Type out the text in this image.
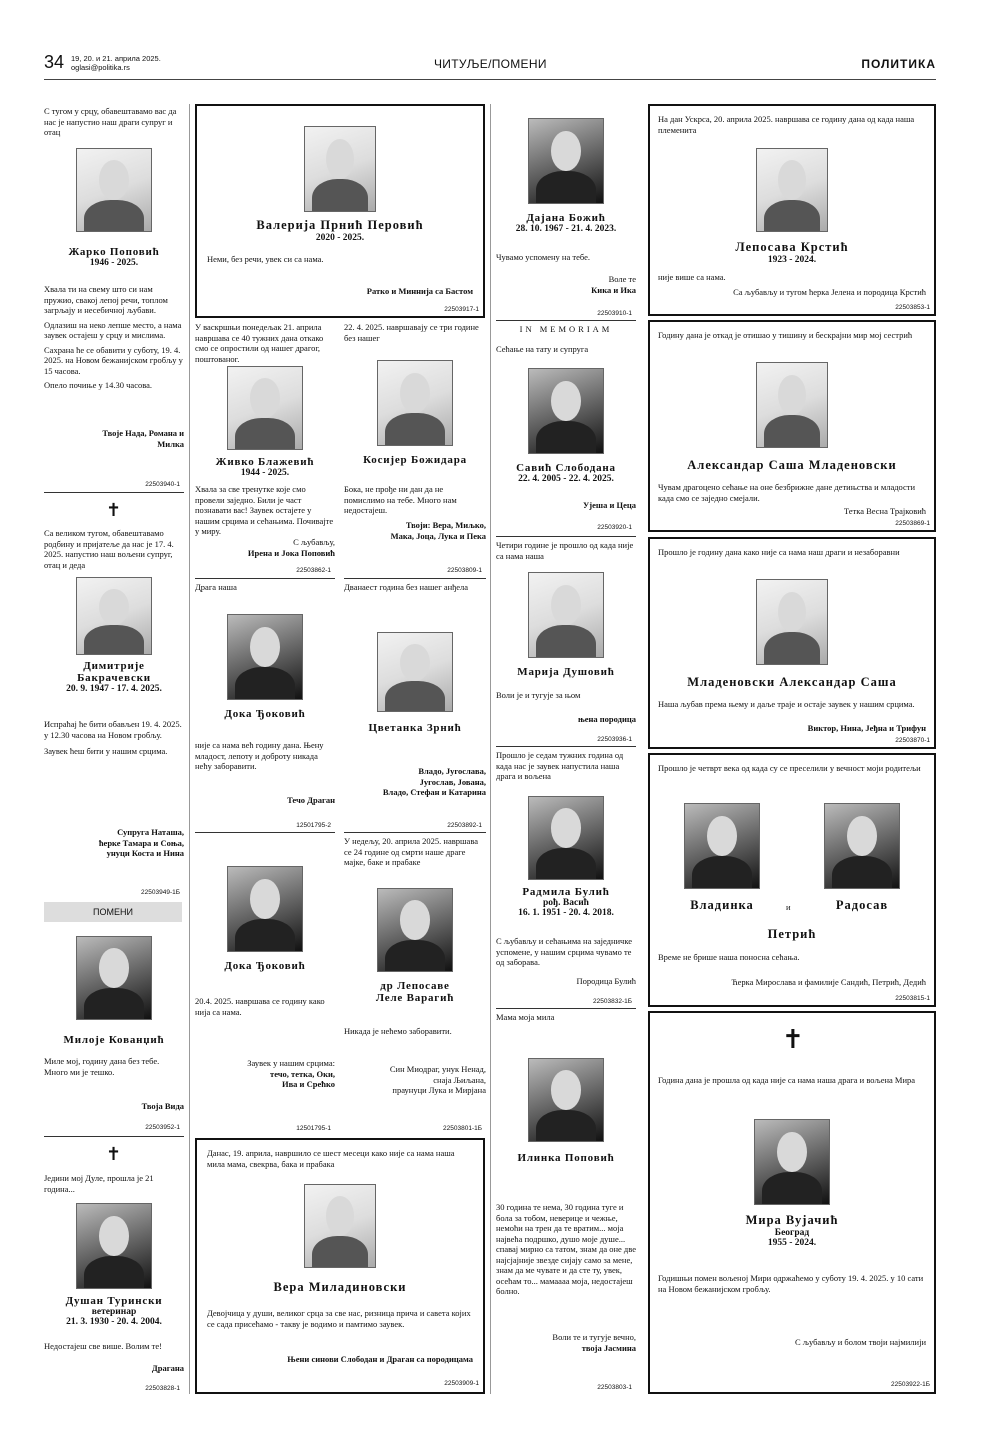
34 19, 20. и 21. априла 2025.
oglasi@politika.rs	ЧИТУЉЕ/ПОМЕНИ	ПОЛИТИКА

С тугом у срцу, обавештавамо вас да нас је напустио наш драги супруг и отац

Жарко Поповић
1946 - 2025.

Хвала ти на свему што си нам пружио, свакој лепој речи, топлом загрљају и несебичној љубави.

Одлазиш на неко лепше место, а нама заувек остајеш у срцу и мислима.

Сахрана ће се обавити у суботу, 19. 4. 2025. на Новом бежанијском гробљу у 15 часова.

Опело почиње у 14.30 часова.

Твоје Нада, Романа и Милка

22503940-1
✝

Са великом тугом, обавештавамо родбину и пријатеље да нас је 17. 4. 2025. напустио наш вољени супруг, отац и деда

Димитрије
Бакрачевски
20. 9. 1947 - 17. 4. 2025.

Испраћај ће бити обављен 19. 4. 2025. у 12.30 часова на Новом гробљу.

Заувек ћеш бити у нашим срцима.

Супруга Наташа,
ћерке Тамара и Соња,
унуци Коста и Нина
22503949-1Б
ПОМЕНИ
Милоје Кованџић

Миле мој, годину дана без тебе. Много ми је тешко.

Твоја Вида

22503952-1
✝

Једини мој Дуле, прошла је 21 година...

Душан Турински
ветеринар
21. 3. 1930 - 20. 4. 2004.

Недостајеш све више. Волим те!

Драгана

22503828-1
Валерија Прнић Перовић
2020 - 2025.

Неми, без речи, увек си са нама.

Ратко и Миннија са Бастом

22503917-1

У васкршњи понедељак 21. априла навршава се 40 тужних дана откако смо се опростили од нашег драгог, поштованог.

Живко Блажевић
1944 - 2025.

Хвала за све тренутке које смо провели заједно. Били је част познавати вас! Заувек остајете у нашим срцима и сећањима. Почивајте у миру.

С љубављу,
Ирена и Јока Поповић
22503862-1

Драга наша

Дока Ђоковић

није са нама већ годину дана. Њену младост, лепоту и доброту никада нећу заборавити.

Течо Драган

12501795-2
Дока Ђоковић

20.4. 2025. навршава се годину како нија са нама.

Заувек у нашим срцима:
течо, тетка, Оки,
Ива и Срећко
12501795-1

22. 4. 2025. навршавају се три године без нашег

Косијер Божидара

Бока, не прође ни дан да не помислимо на тебе. Много нам недостајеш.

Твоји: Вера, Миљко,
Мака, Јоца, Лука и Пека
22503809-1

Дванаест година без нашег анђела

Цветанка Зрнић
Владо, Југослава,
Југослав, Јована,
Владо, Стефан и Катарина
22503892-1

У недељу, 20. априла 2025. навршава се 24 године од смрти наше драге мајке, баке и прабаке

др Лепосаве
Леле Варагић

Никада је нећемо заборавити.

Син Миодраг, унук Ненад,
снаја Љиљана,
праунуци Лука и Мирјана
22503801-1Б

Данас, 19. априла, навршило се шест месеци како није са нама наша мила мама, свекрва, бака и прабака

Вера Миладиновски

Девојчица у души, великог срца за све нас, ризница прича и савета којих се сада присећамо - такву је водимо и памтимо заувек.

Њени синови Слободан и Драган са породицама

22503909-1
Дајана Божић
28. 10. 1967 - 21. 4. 2023.

Чувамо успомену на тебе.

Воле те
Кика и Ика
22503910-1
IN MEMORIAM

Сећање на тату и супруга

Савић Слободана
22. 4. 2005 - 22. 4. 2025.

Ујеша и Цеца

22503920-1

Четири године је прошло од када није са нама наша

Марија Душовић

Воли је и тугује за њом

њена породица

22503936-1

Прошло је седам тужних година од када нас је заувек напустила наша драга и вољена

Радмила Булић
рођ. Васић
16. 1. 1951 - 20. 4. 2018.

С љубављу и сећањима на заједничке успомене, у нашим срцима чувамо те од заборава.

Породица Булић

22503832-1Б

Мама моја мила

Илинка Поповић

30 година те нема, 30 година туге и бола за тобом, неверице и чежње, немоћи на трен да те вратим... моја највећа подршко, душо моје душе... спаваj мирно са татом, знам да оне две најсјајније звезде сијају само за мене, знам да ме чувате и да сте ту, увек, осећам то... мамаааа моја, недостајеш болно.

Воли те и тугује вечно,
твоја Јасмина
22503803-1

На дан Ускрса, 20. априла 2025. навршава се годину дана од када наша племенита

Лепосава Крстић
1923 - 2024.

није више са нама.

Са љубављу и тугом ћерка Јелена и породица Крстић

22503853-1

Годину дана је откад је отишао у тишину и бескрајни мир мој сестрић

Александар Саша Младеновски

Чувам драгоцено сећање на оне безбрижне дане детињства и младости када смо се заједно смејали.

Тетка Весна Трајковић

22503869-1

Прошло је годину дана како није са нама наш драги и незаборавни

Младеновски Александар Саша

Наша љубав према њему и даље траје и остаје заувек у нашим срцима.

Виктор, Нина, Јеђна и Трифун

22503870-1

Прошло је четврт века од када су се преселили у вечност моји родитељи

Владинка	и	Радосав
Петрић

Време не брише наша поносна сећања.

Ћерка Мирослава и фамилије Сандић, Петрић, Дедић

22503815-1
✝

Година дана је прошла од када није са нама наша драга и вољена Мира

Мира Вујачић
Београд
1955 - 2024.

Годишњи помен вољеној Мири одржаћемо у суботу 19. 4. 2025. у 10 сати на Новом бежанијском гробљу.

С љубављу и болом твоји најмилији

22503922-1Б
